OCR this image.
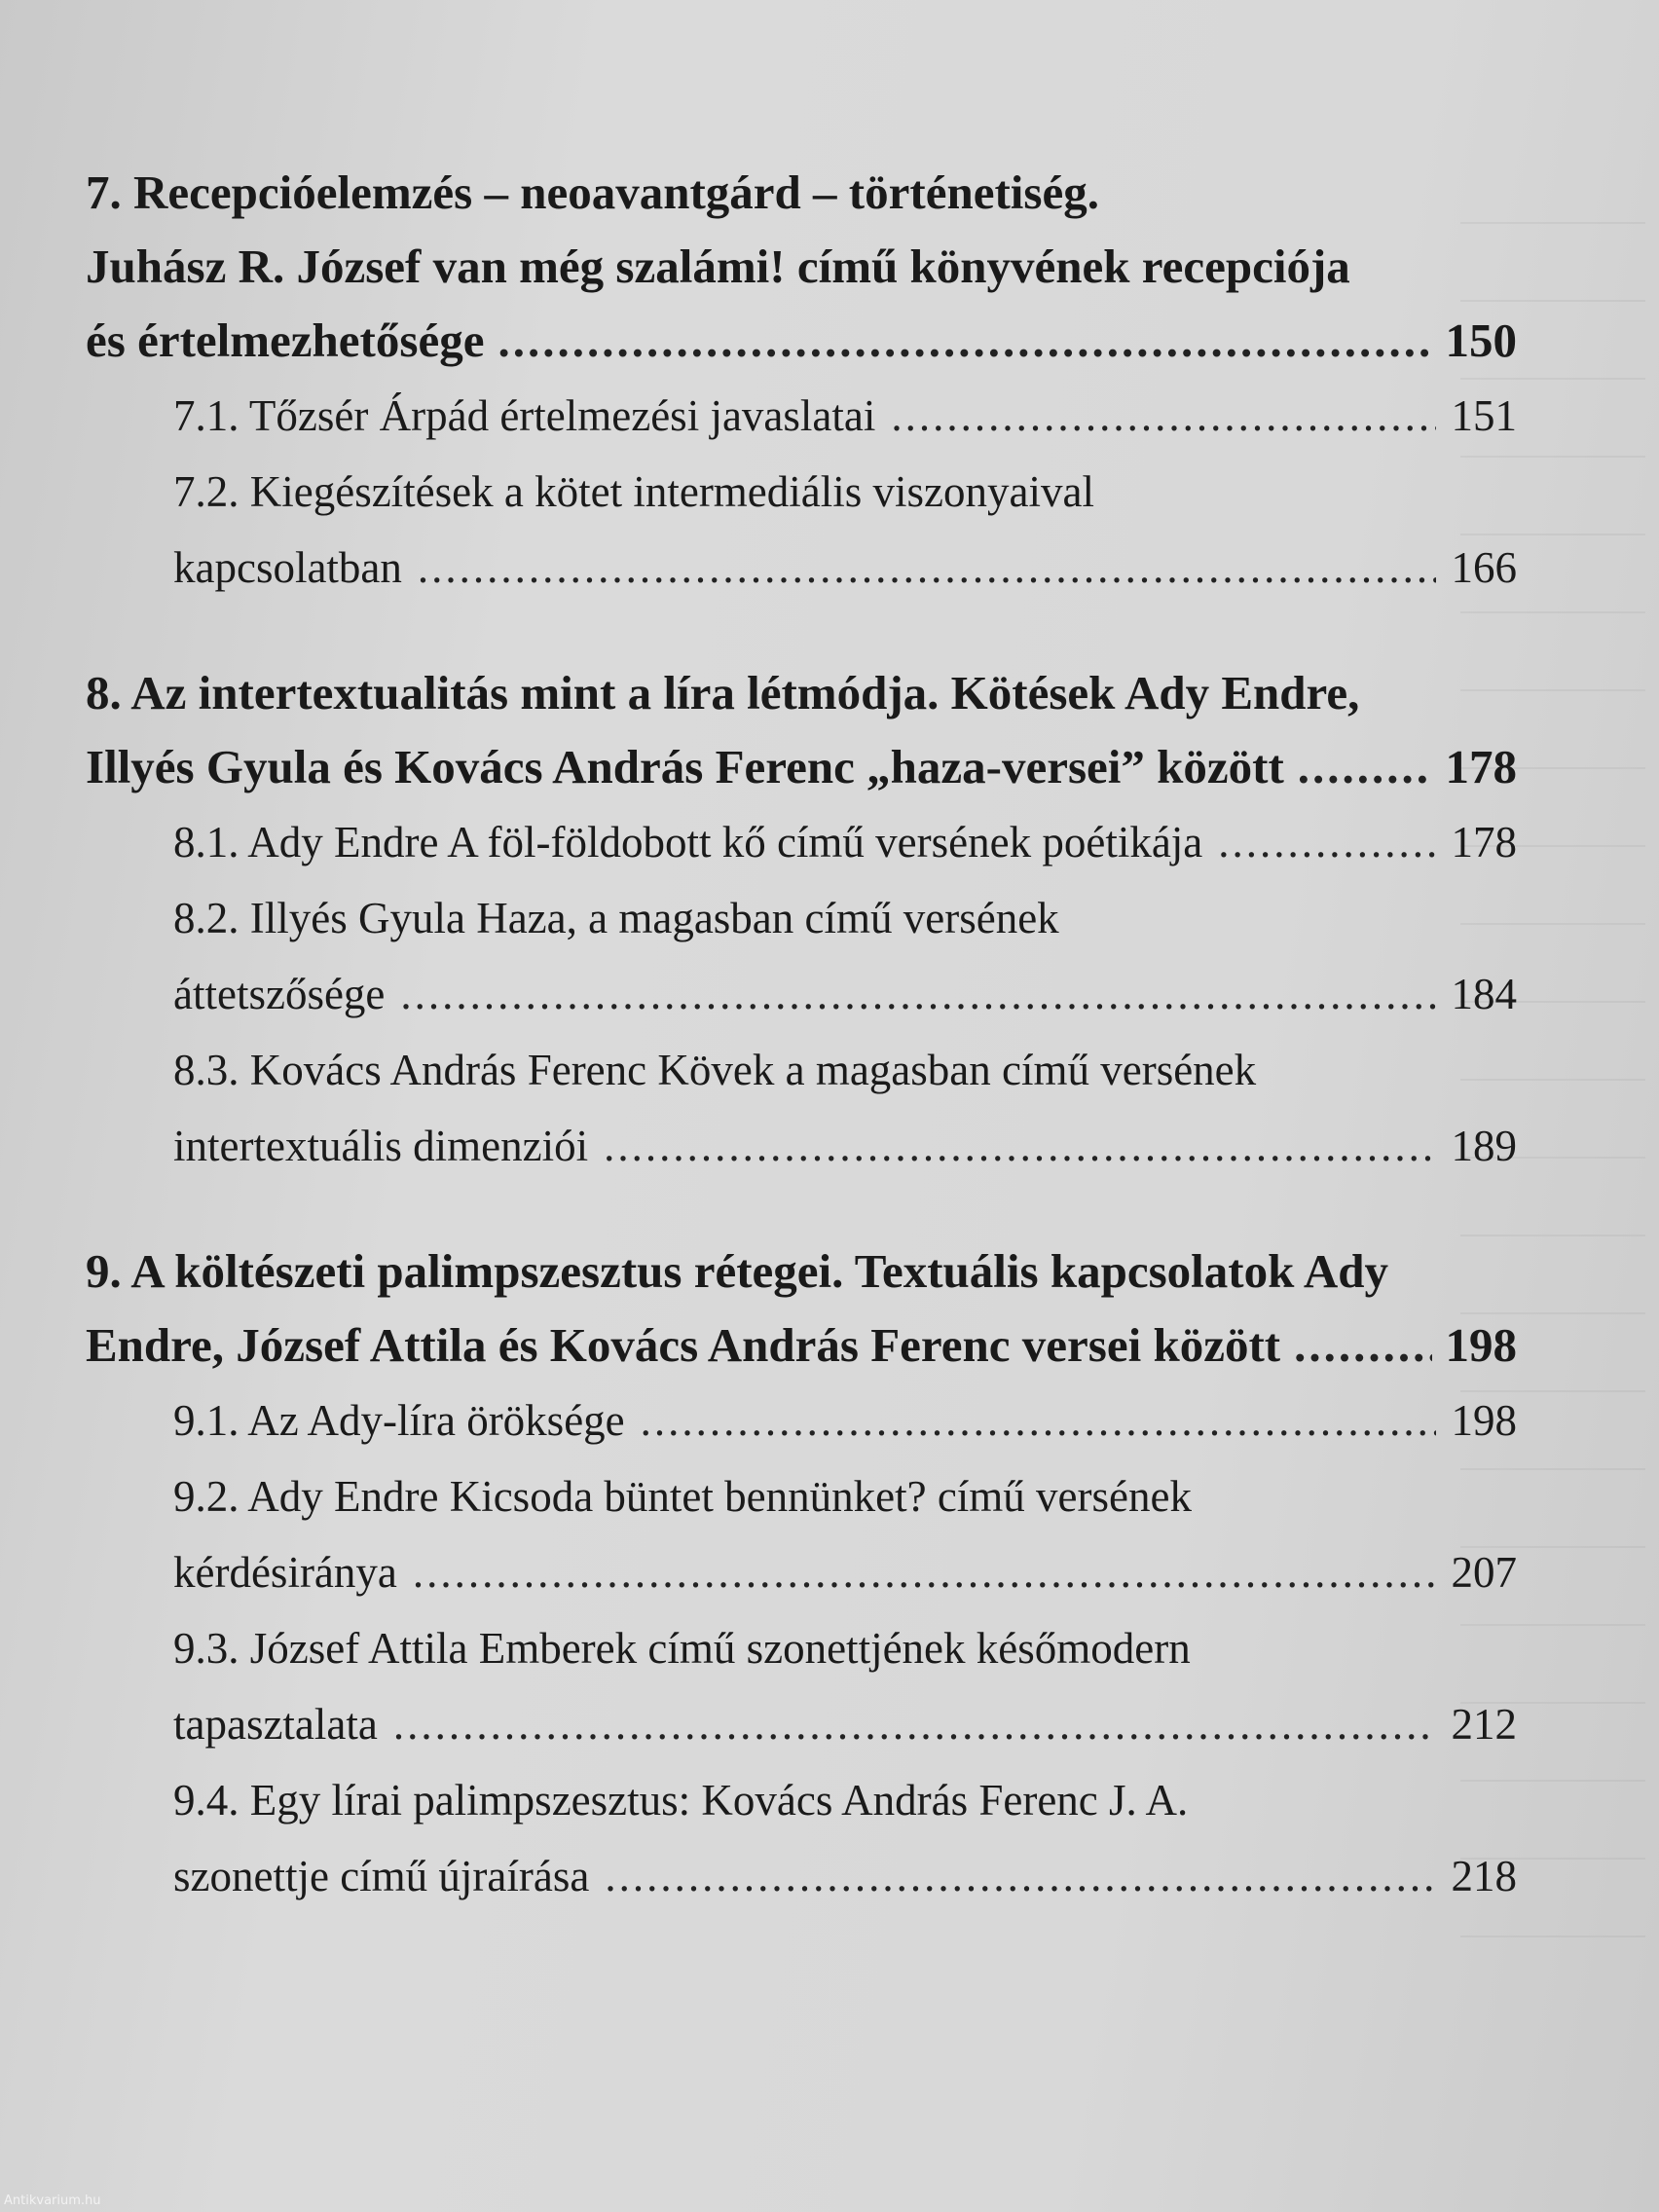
7. Recepcióelemzés – neoavantgárd – történetiség.
Juhász R. József van még szalámi! című könyvének recepciója
és értelmezhetősége .....	150
7.1. Tőzsér Árpád értelmezési javaslatai .....	151
7.2. Kiegészítések a kötet intermediális viszonyaival
kapcsolatban .....	166
8. Az intertextualitás mint a líra létmódja. Kötések Ady Endre,
Illyés Gyula és Kovács András Ferenc „haza-versei” között .....	178
8.1. Ady Endre A föl-földobott kő című versének poétikája .....	178
8.2. Illyés Gyula Haza, a magasban című versének
áttetszősége .....	184
8.3. Kovács András Ferenc Kövek a magasban című versének
intertextuális dimenziói .....	189
9. A költészeti palimpszesztus rétegei. Textuális kapcsolatok Ady
Endre, József Attila és Kovács András Ferenc versei között .....	198
9.1. Az Ady-líra öröksége .....	198
9.2. Ady Endre Kicsoda büntet bennünket? című versének
kérdésiránya .....	207
9.3. József Attila Emberek című szonettjének későmodern
tapasztalata .....	212
9.4. Egy lírai palimpszesztus: Kovács András Ferenc J. A.
szonettje című újraírása .....	218
Antikvarium.hu
